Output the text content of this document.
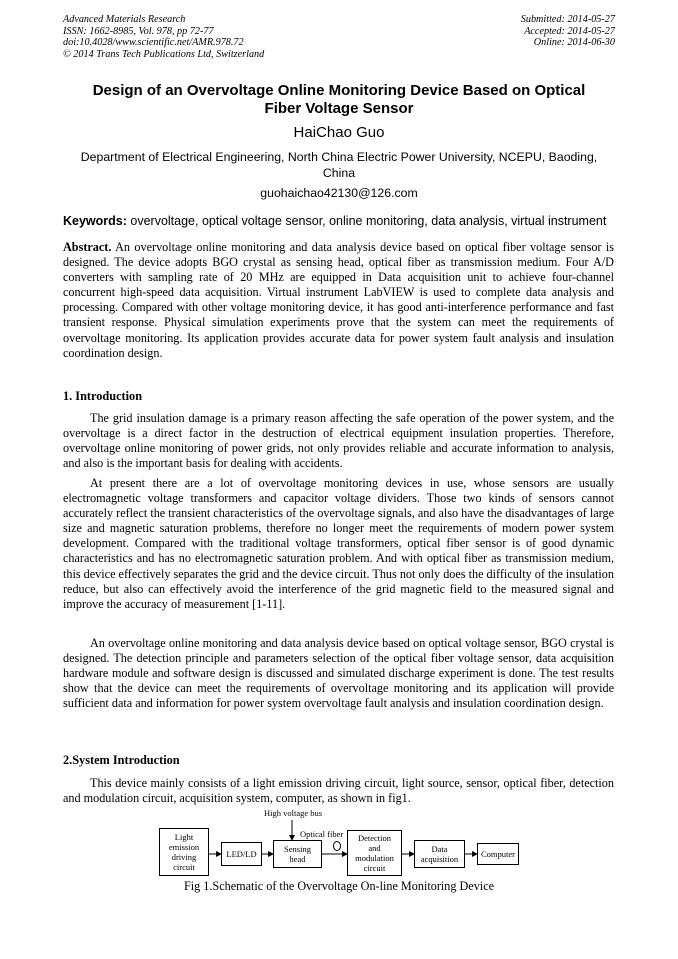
Advanced Materials Research
ISSN: 1662-8985, Vol. 978, pp 72-77
doi:10.4028/www.scientific.net/AMR.978.72
© 2014 Trans Tech Publications Ltd, Switzerland
Submitted: 2014-05-27
Accepted: 2014-05-27
Online: 2014-06-30
Design of an Overvoltage Online Monitoring Device Based on Optical
Fiber Voltage Sensor
HaiChao Guo
Department of Electrical Engineering, North China Electric Power University, NCEPU, Baoding,
China
guohaichao42130@126.com
Keywords: overvoltage, optical voltage sensor, online monitoring, data analysis, virtual instrument
Abstract. An overvoltage online monitoring and data analysis device based on optical fiber voltage sensor is designed. The device adopts BGO crystal as sensing head, optical fiber as transmission medium. Four A/D converters with sampling rate of 20 MHz are equipped in Data acquisition unit to achieve four-channel concurrent high-speed data acquisition. Virtual instrument LabVIEW is used to complete data analysis and processing. Compared with other voltage monitoring device, it has good anti-interference performance and fast transient response. Physical simulation experiments prove that the system can meet the requirements of overvoltage monitoring. Its application provides accurate data for power system fault analysis and insulation coordination design.
1. Introduction
The grid insulation damage is a primary reason affecting the safe operation of the power system, and the overvoltage is a direct factor in the destruction of electrical equipment insulation properties. Therefore, overvoltage online monitoring of power grids, not only provides reliable and accurate information to analysis, and also is the important basis for dealing with accidents.
At present there are a lot of overvoltage monitoring devices in use, whose sensors are usually electromagnetic voltage transformers and capacitor voltage dividers. Those two kinds of sensors cannot accurately reflect the transient characteristics of the overvoltage signals, and also have the disadvantages of large size and magnetic saturation problems, therefore no longer meet the requirements of modern power system development. Compared with the traditional voltage transformers, optical fiber sensor is of good dynamic characteristics and has no electromagnetic saturation problem. And with optical fiber as transmission medium, this device effectively separates the grid and the device circuit. Thus not only does the difficulty of the insulation reduce, but also can effectively avoid the interference of the grid magnetic field to the measured signal and improve the accuracy of measurement [1-11].
An overvoltage online monitoring and data analysis device based on optical voltage sensor, BGO crystal is designed. The detection principle and parameters selection of the optical fiber voltage sensor, data acquisition hardware module and software design is discussed and simulated discharge experiment is done. The test results show that the device can meet the requirements of overvoltage monitoring and its application will provide sufficient data and information for power system overvoltage fault analysis and insulation coordination design.
2.System Introduction
This device mainly consists of a light emission driving circuit, light source, sensor, optical fiber, detection and modulation circuit, acquisition system, computer, as shown in fig1.
High voltage bus
Optical fiber
Light
emission
driving
circuit
LED/LD	Sensing
head
Detection
and
modulation
circuit
Data
acquisition	Computer
Fig 1.Schematic of the Overvoltage On-line Monitoring Device
